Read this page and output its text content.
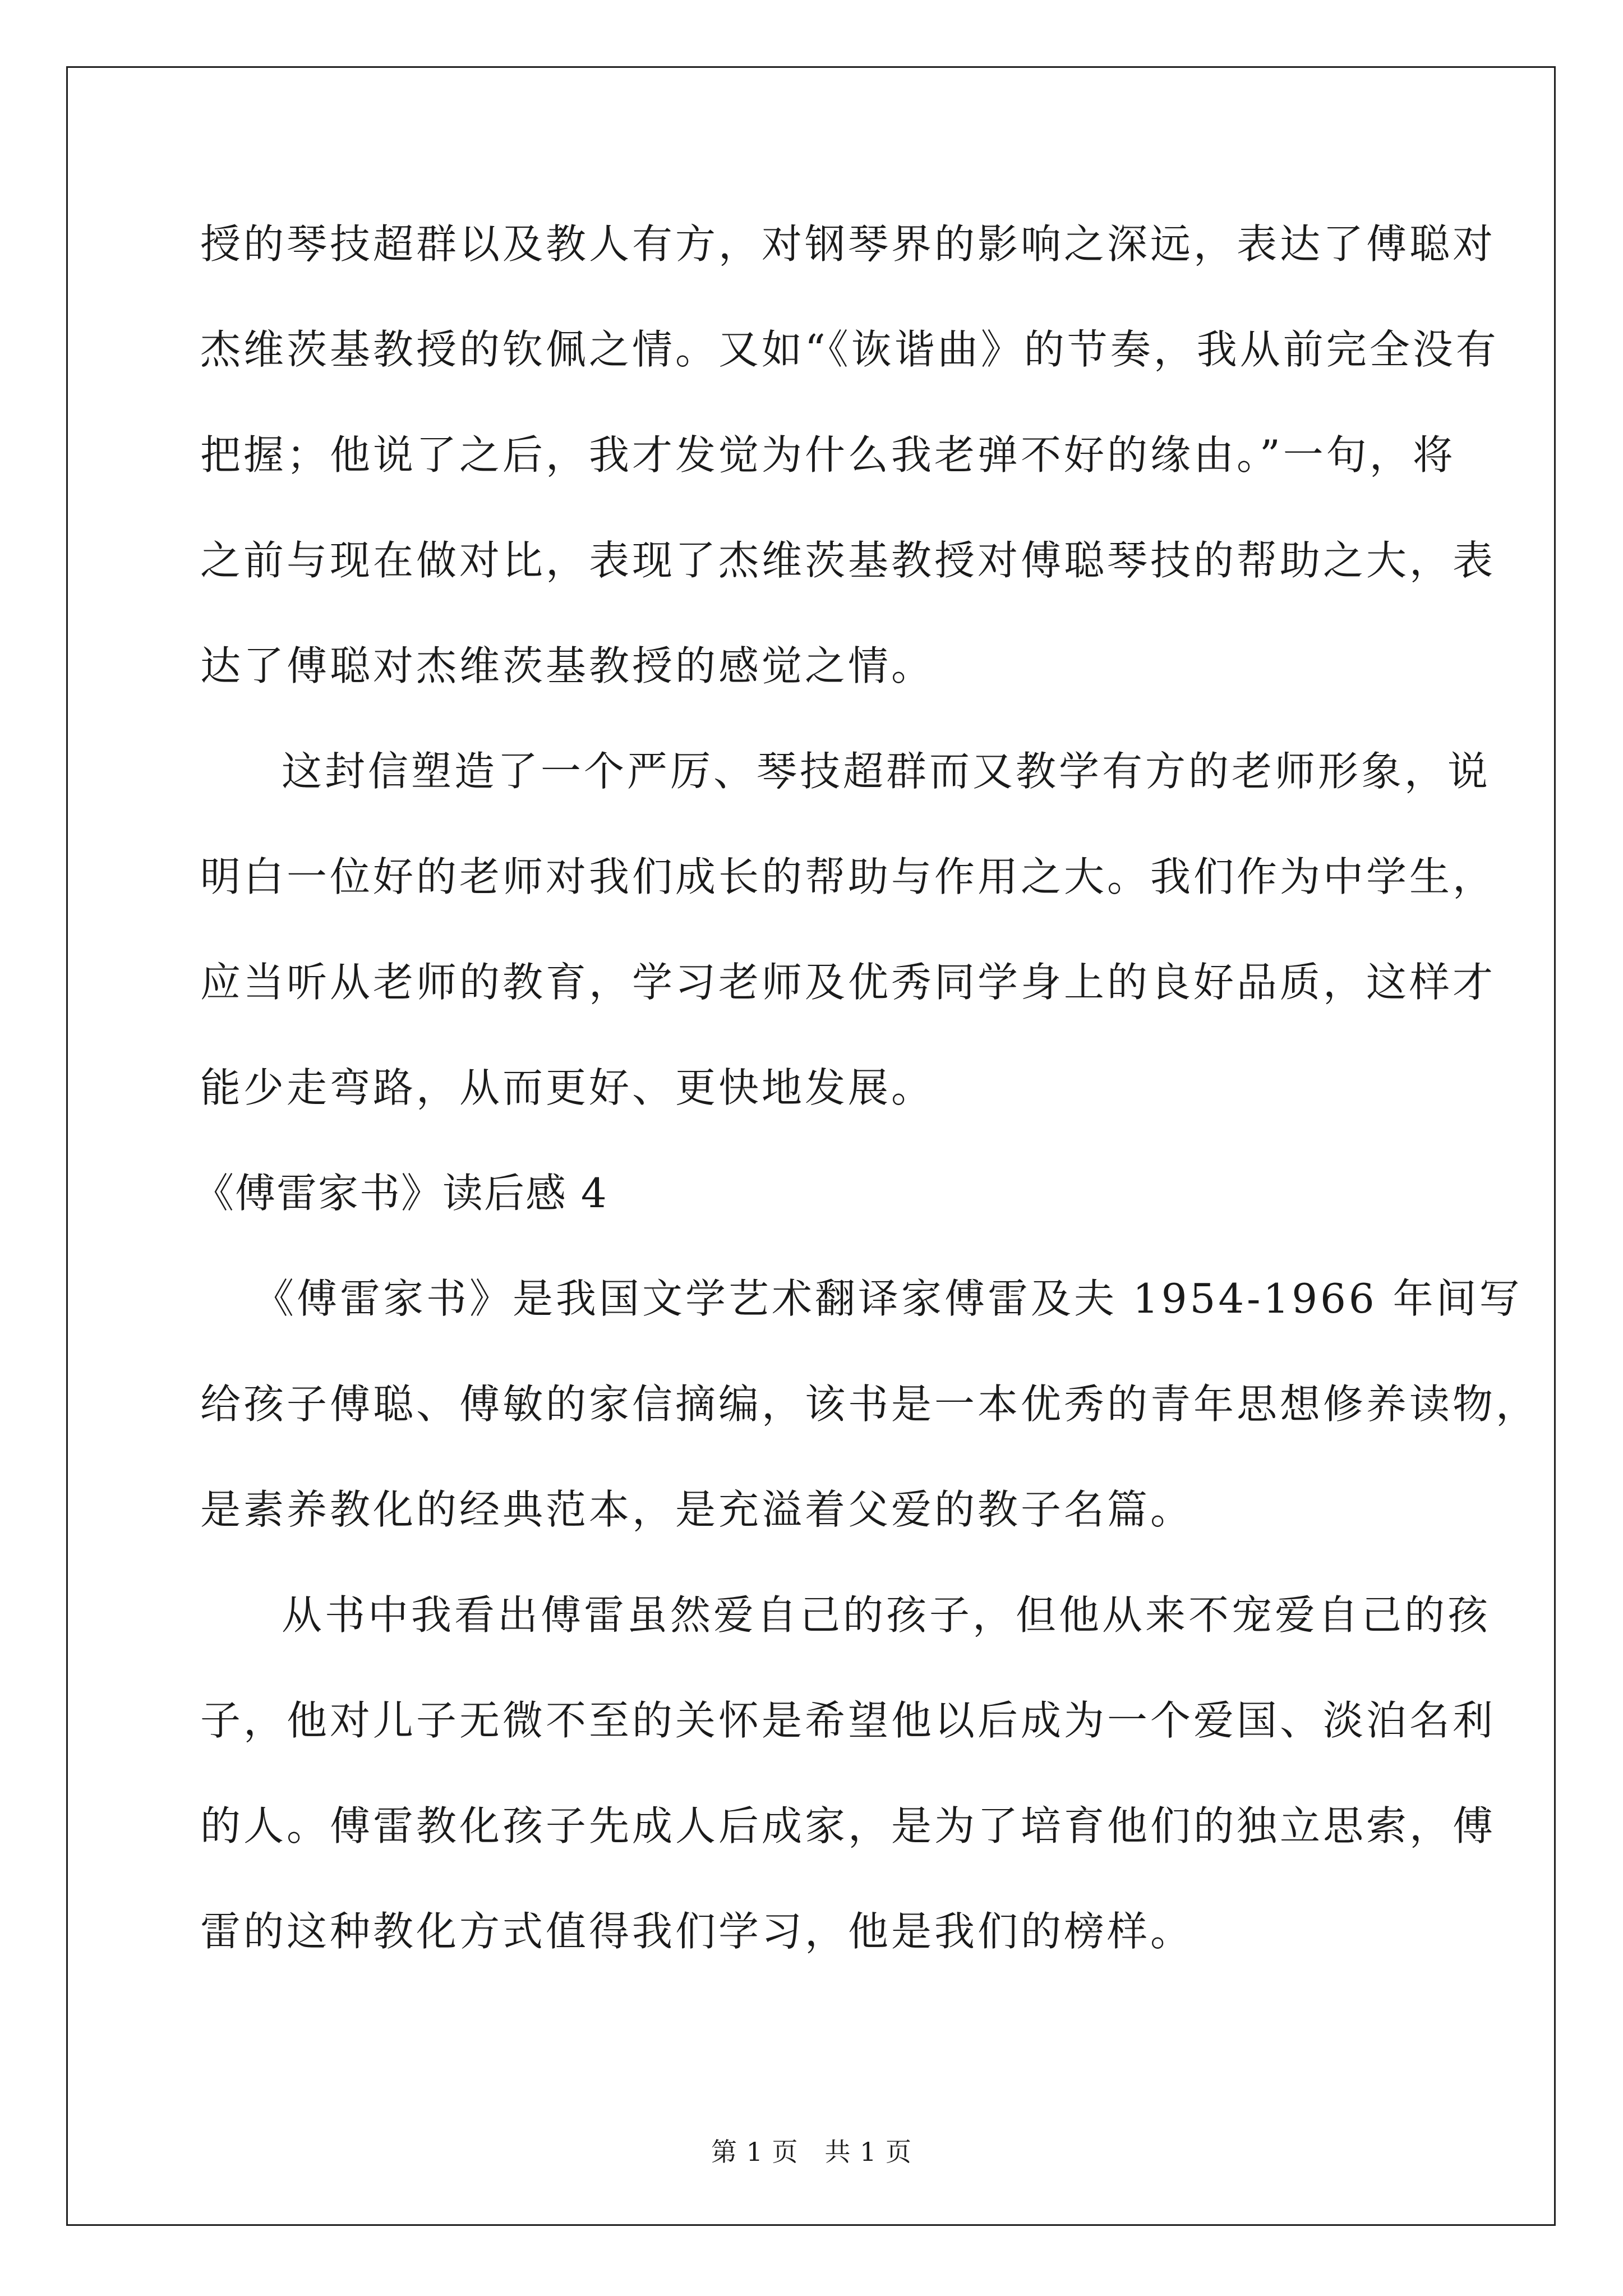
授的琴技超群以及教人有方，对钢琴界的影响之深远，表达了傅聪对
杰维茨基教授的钦佩之情。又如“《诙谐曲》的节奏，我从前完全没有
把握；他说了之后，我才发觉为什么我老弹不好的缘由。”一句，将
之前与现在做对比，表现了杰维茨基教授对傅聪琴技的帮助之大，表
达了傅聪对杰维茨基教授的感觉之情。
这封信塑造了一个严厉、琴技超群而又教学有方的老师形象，说
明白一位好的老师对我们成长的帮助与作用之大。我们作为中学生，
应当听从老师的教育，学习老师及优秀同学身上的良好品质，这样才
能少走弯路，从而更好、更快地发展。
《傅雷家书》读后感 4
《傅雷家书》是我国文学艺术翻译家傅雷及夫 1954-1966 年间写
给孩子傅聪、傅敏的家信摘编，该书是一本优秀的青年思想修养读物，
是素养教化的经典范本，是充溢着父爱的教子名篇。
从书中我看出傅雷虽然爱自己的孩子，但他从来不宠爱自己的孩
子，他对儿子无微不至的关怀是希望他以后成为一个爱国、淡泊名利
的人。傅雷教化孩子先成人后成家，是为了培育他们的独立思索，傅
雷的这种教化方式值得我们学习，他是我们的榜样。
第 1 页　共 1 页
